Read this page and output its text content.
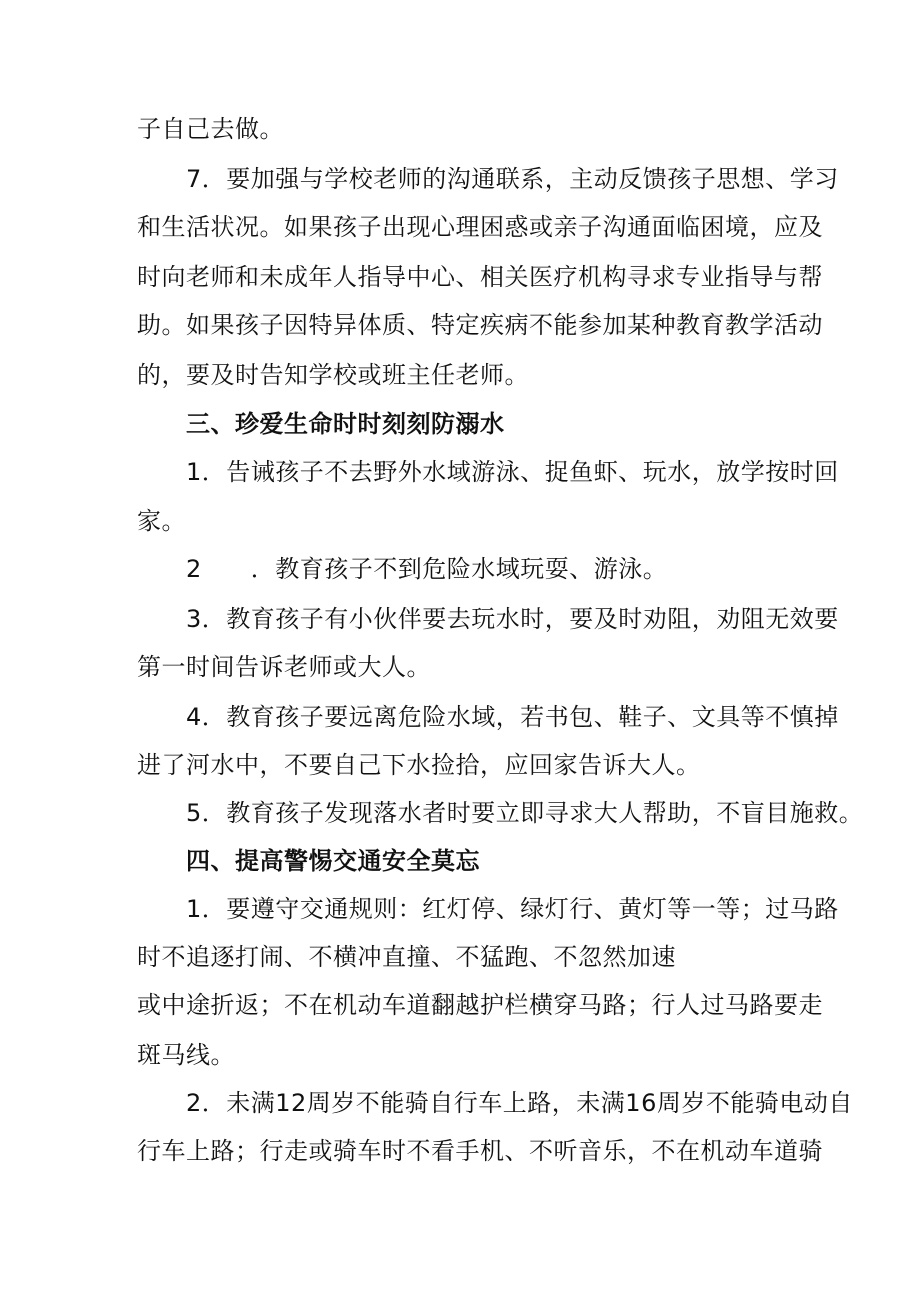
子自己去做。
7．要加强与学校老师的沟通联系，主动反馈孩子思想、学习
和生活状况。如果孩子出现心理困惑或亲子沟通面临困境，应及
时向老师和未成年人指导中心、相关医疗机构寻求专业指导与帮
助。如果孩子因特异体质、特定疾病不能参加某种教育教学活动
的，要及时告知学校或班主任老师。
三、珍爱生命时时刻刻防溺水
1．告诫孩子不去野外水域游泳、捉鱼虾、玩水，放学按时回
家。
2　　．教育孩子不到危险水域玩耍、游泳。
3．教育孩子有小伙伴要去玩水时，要及时劝阻，劝阻无效要
第一时间告诉老师或大人。
4．教育孩子要远离危险水域，若书包、鞋子、文具等不慎掉
进了河水中，不要自己下水捡拾，应回家告诉大人。
5．教育孩子发现落水者时要立即寻求大人帮助，不盲目施救。
四、提高警惕交通安全莫忘
1．要遵守交通规则：红灯停、绿灯行、黄灯等一等；过马路
时不追逐打闹、不横冲直撞、不猛跑、不忽然加速
或中途折返；不在机动车道翻越护栏横穿马路；行人过马路要走
斑马线。
2．未满12周岁不能骑自行车上路，未满16周岁不能骑电动自
行车上路；行走或骑车时不看手机、不听音乐，不在机动车道骑
